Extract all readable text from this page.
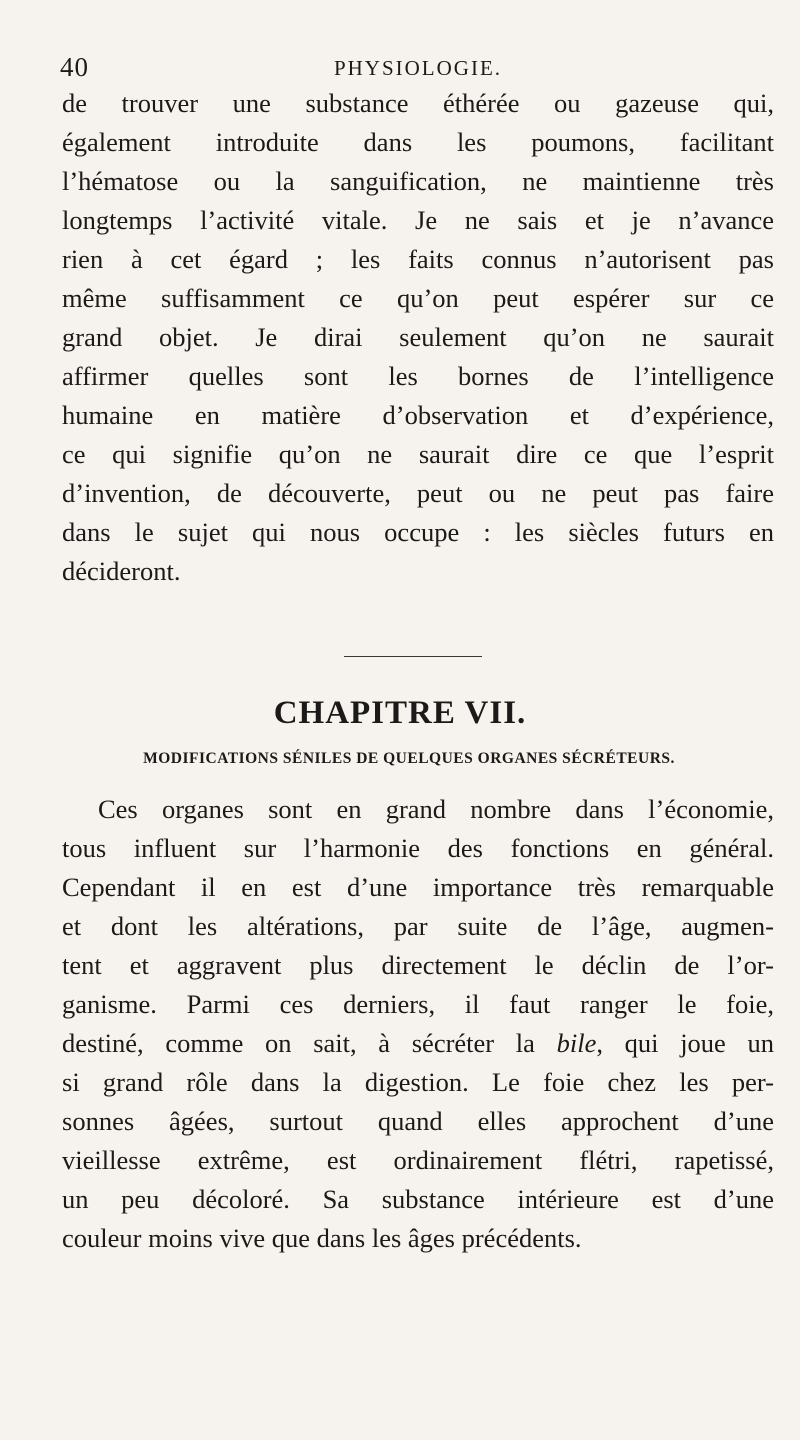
40	PHYSIOLOGIE.
de trouver une substance éthérée ou gazeuse qui,
également introduite dans les poumons, facilitant
l’hématose ou la sanguification, ne maintienne très
longtemps l’activité vitale. Je ne sais et je n’avance
rien à cet égard ; les faits connus n’autorisent pas
même suffisamment ce qu’on peut espérer sur ce
grand objet. Je dirai seulement qu’on ne saurait
affirmer quelles sont les bornes de l’intelligence
humaine en matière d’observation et d’expérience,
ce qui signifie qu’on ne saurait dire ce que l’esprit
d’invention, de découverte, peut ou ne peut pas faire
dans le sujet qui nous occupe : les siècles futurs en
décideront.
CHAPITRE VII.
MODIFICATIONS SÉNILES DE QUELQUES ORGANES SÉCRÉTEURS.
Ces organes sont en grand nombre dans l’économie,
tous influent sur l’harmonie des fonctions en général.
Cependant il en est d’une importance très remarquable
et dont les altérations, par suite de l’âge, augmen-
tent et aggravent plus directement le déclin de l’or-
ganisme. Parmi ces derniers, il faut ranger le foie,
destiné, comme on sait, à sécréter la bile, qui joue un
si grand rôle dans la digestion. Le foie chez les per-
sonnes âgées, surtout quand elles approchent d’une
vieillesse extrême, est ordinairement flétri, rapetissé,
un peu décoloré. Sa substance intérieure est d’une
couleur moins vive que dans les âges précédents.
